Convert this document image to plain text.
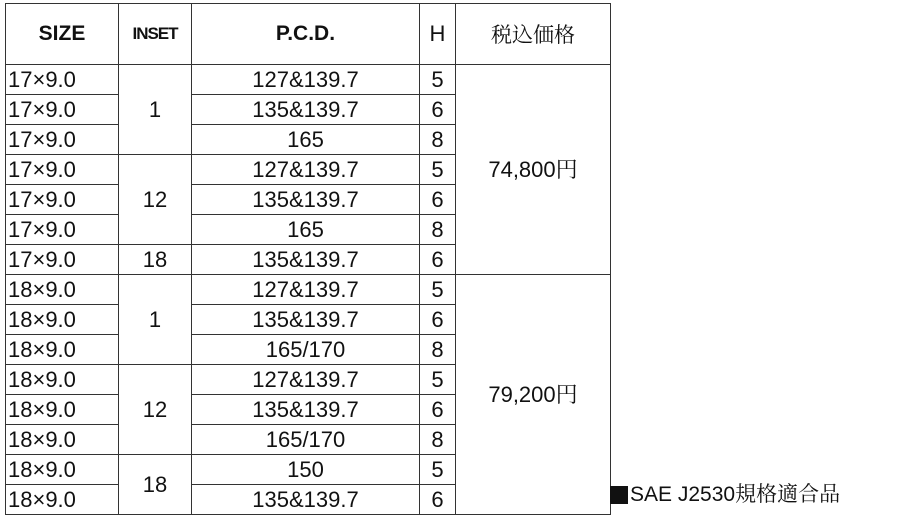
SIZE	INSET	P.C.D.	H	税込価格
17×9.0	1	127&139.7	5	74,800円
17×9.0		135&139.7	6	
17×9.0		165	8	
17×9.0	12	127&139.7	5	
17×9.0		135&139.7	6	
17×9.0		165	8	
17×9.0	18	135&139.7	6	
18×9.0	1	127&139.7	5	79,200円
18×9.0		135&139.7	6	
18×9.0		165/170	8	
18×9.0	12	127&139.7	5	
18×9.0		135&139.7	6	
18×9.0		165/170	8	
18×9.0	18	150	5	
18×9.0		135&139.7	6		SAE J2530規格適合品
